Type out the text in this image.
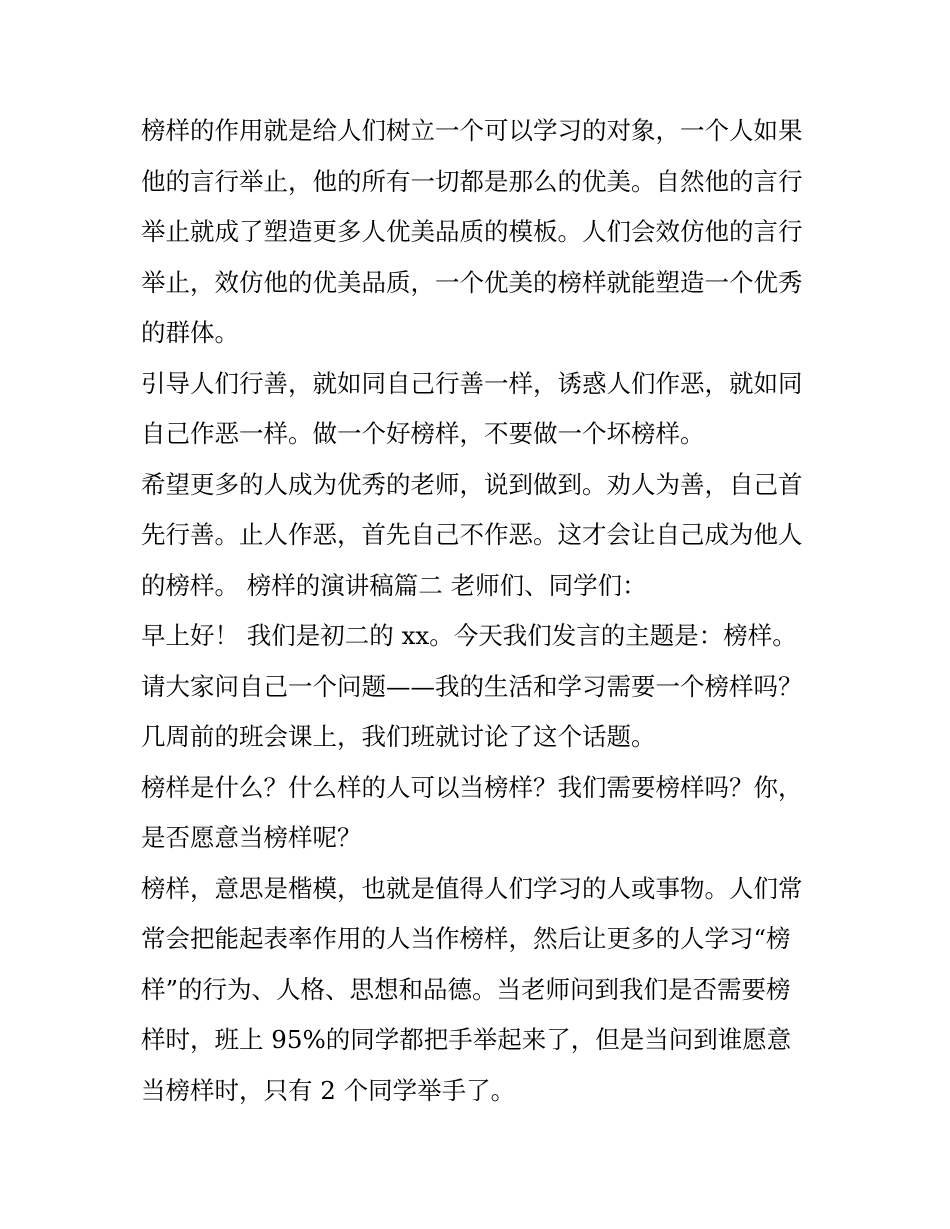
榜样的作用就是给人们树立一个可以学习的对象，一个人如果
他的言行举止，他的所有一切都是那么的优美。自然他的言行
举止就成了塑造更多人优美品质的模板。人们会效仿他的言行
举止，效仿他的优美品质，一个优美的榜样就能塑造一个优秀
的群体。
引导人们行善，就如同自己行善一样，诱惑人们作恶，就如同
自己作恶一样。做一个好榜样，不要做一个坏榜样。
希望更多的人成为优秀的老师，说到做到。劝人为善，自己首
先行善。止人作恶，首先自己不作恶。这才会让自己成为他人
的榜样。 榜样的演讲稿篇二 老师们、同学们：
早上好！ 我们是初二的 xx。今天我们发言的主题是：榜样。
请大家问自己一个问题——我的生活和学习需要一个榜样吗？
几周前的班会课上，我们班就讨论了这个话题。
榜样是什么？什么样的人可以当榜样？我们需要榜样吗？你，
是否愿意当榜样呢？
榜样，意思是楷模，也就是值得人们学习的人或事物。人们常
常会把能起表率作用的人当作榜样，然后让更多的人学习“榜
样”的行为、人格、思想和品德。当老师问到我们是否需要榜
样时，班上 95%的同学都把手举起来了，但是当问到谁愿意
当榜样时，只有 2 个同学举手了。
